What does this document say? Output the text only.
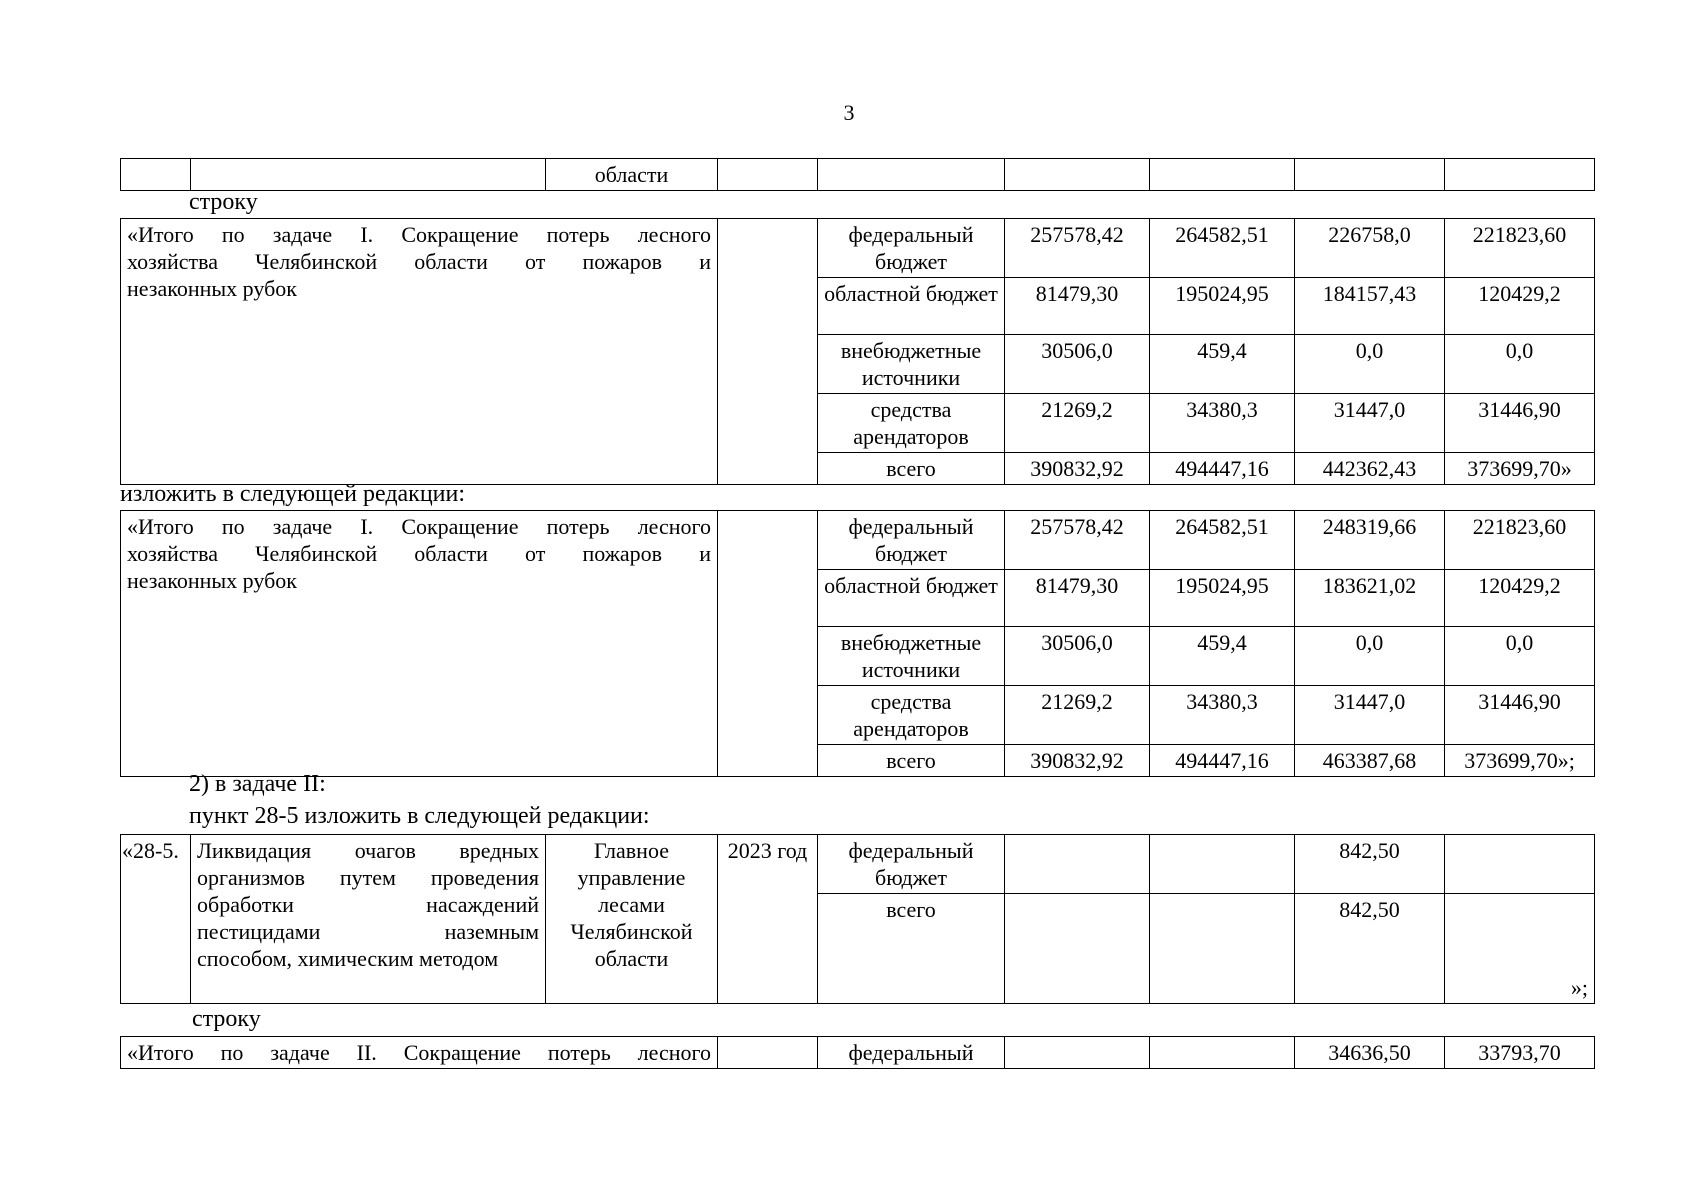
3
		области						
строку
«Итого по задаче I. Сокращение потерь лесного
хозяйства Челябинской области от пожаров и
незаконных рубок		федеральный бюджет	257578,42	264582,51	226758,0	221823,60
		областной бюджет	81479,30	195024,95	184157,43	120429,2
		внебюджетные источники	30506,0	459,4	0,0	0,0
		средства арендаторов	21269,2	34380,3	31447,0	31446,90
		всего	390832,92	494447,16	442362,43	373699,70»
изложить в следующей редакции:
«Итого по задаче I. Сокращение потерь лесного
хозяйства Челябинской области от пожаров и
незаконных рубок		федеральный бюджет	257578,42	264582,51	248319,66	221823,60
		областной бюджет	81479,30	195024,95	183621,02	120429,2
		внебюджетные источники	30506,0	459,4	0,0	0,0
		средства арендаторов	21269,2	34380,3	31447,0	31446,90
		всего	390832,92	494447,16	463387,68	373699,70»;
2) в задаче II:
пункт 28-5 изложить в следующей редакции:
«28-5.	Ликвидация очагов вредных
организмов путем проведения
обработки насаждений
пестицидами наземным
способом, химическим методом	Главное управление лесами Челябинской области	2023 год	федеральный бюджет			842,50	
				всего			842,50	»;
строку
«Итого по задаче II. Сокращение потерь лесного		федеральный			34636,50	33793,70
